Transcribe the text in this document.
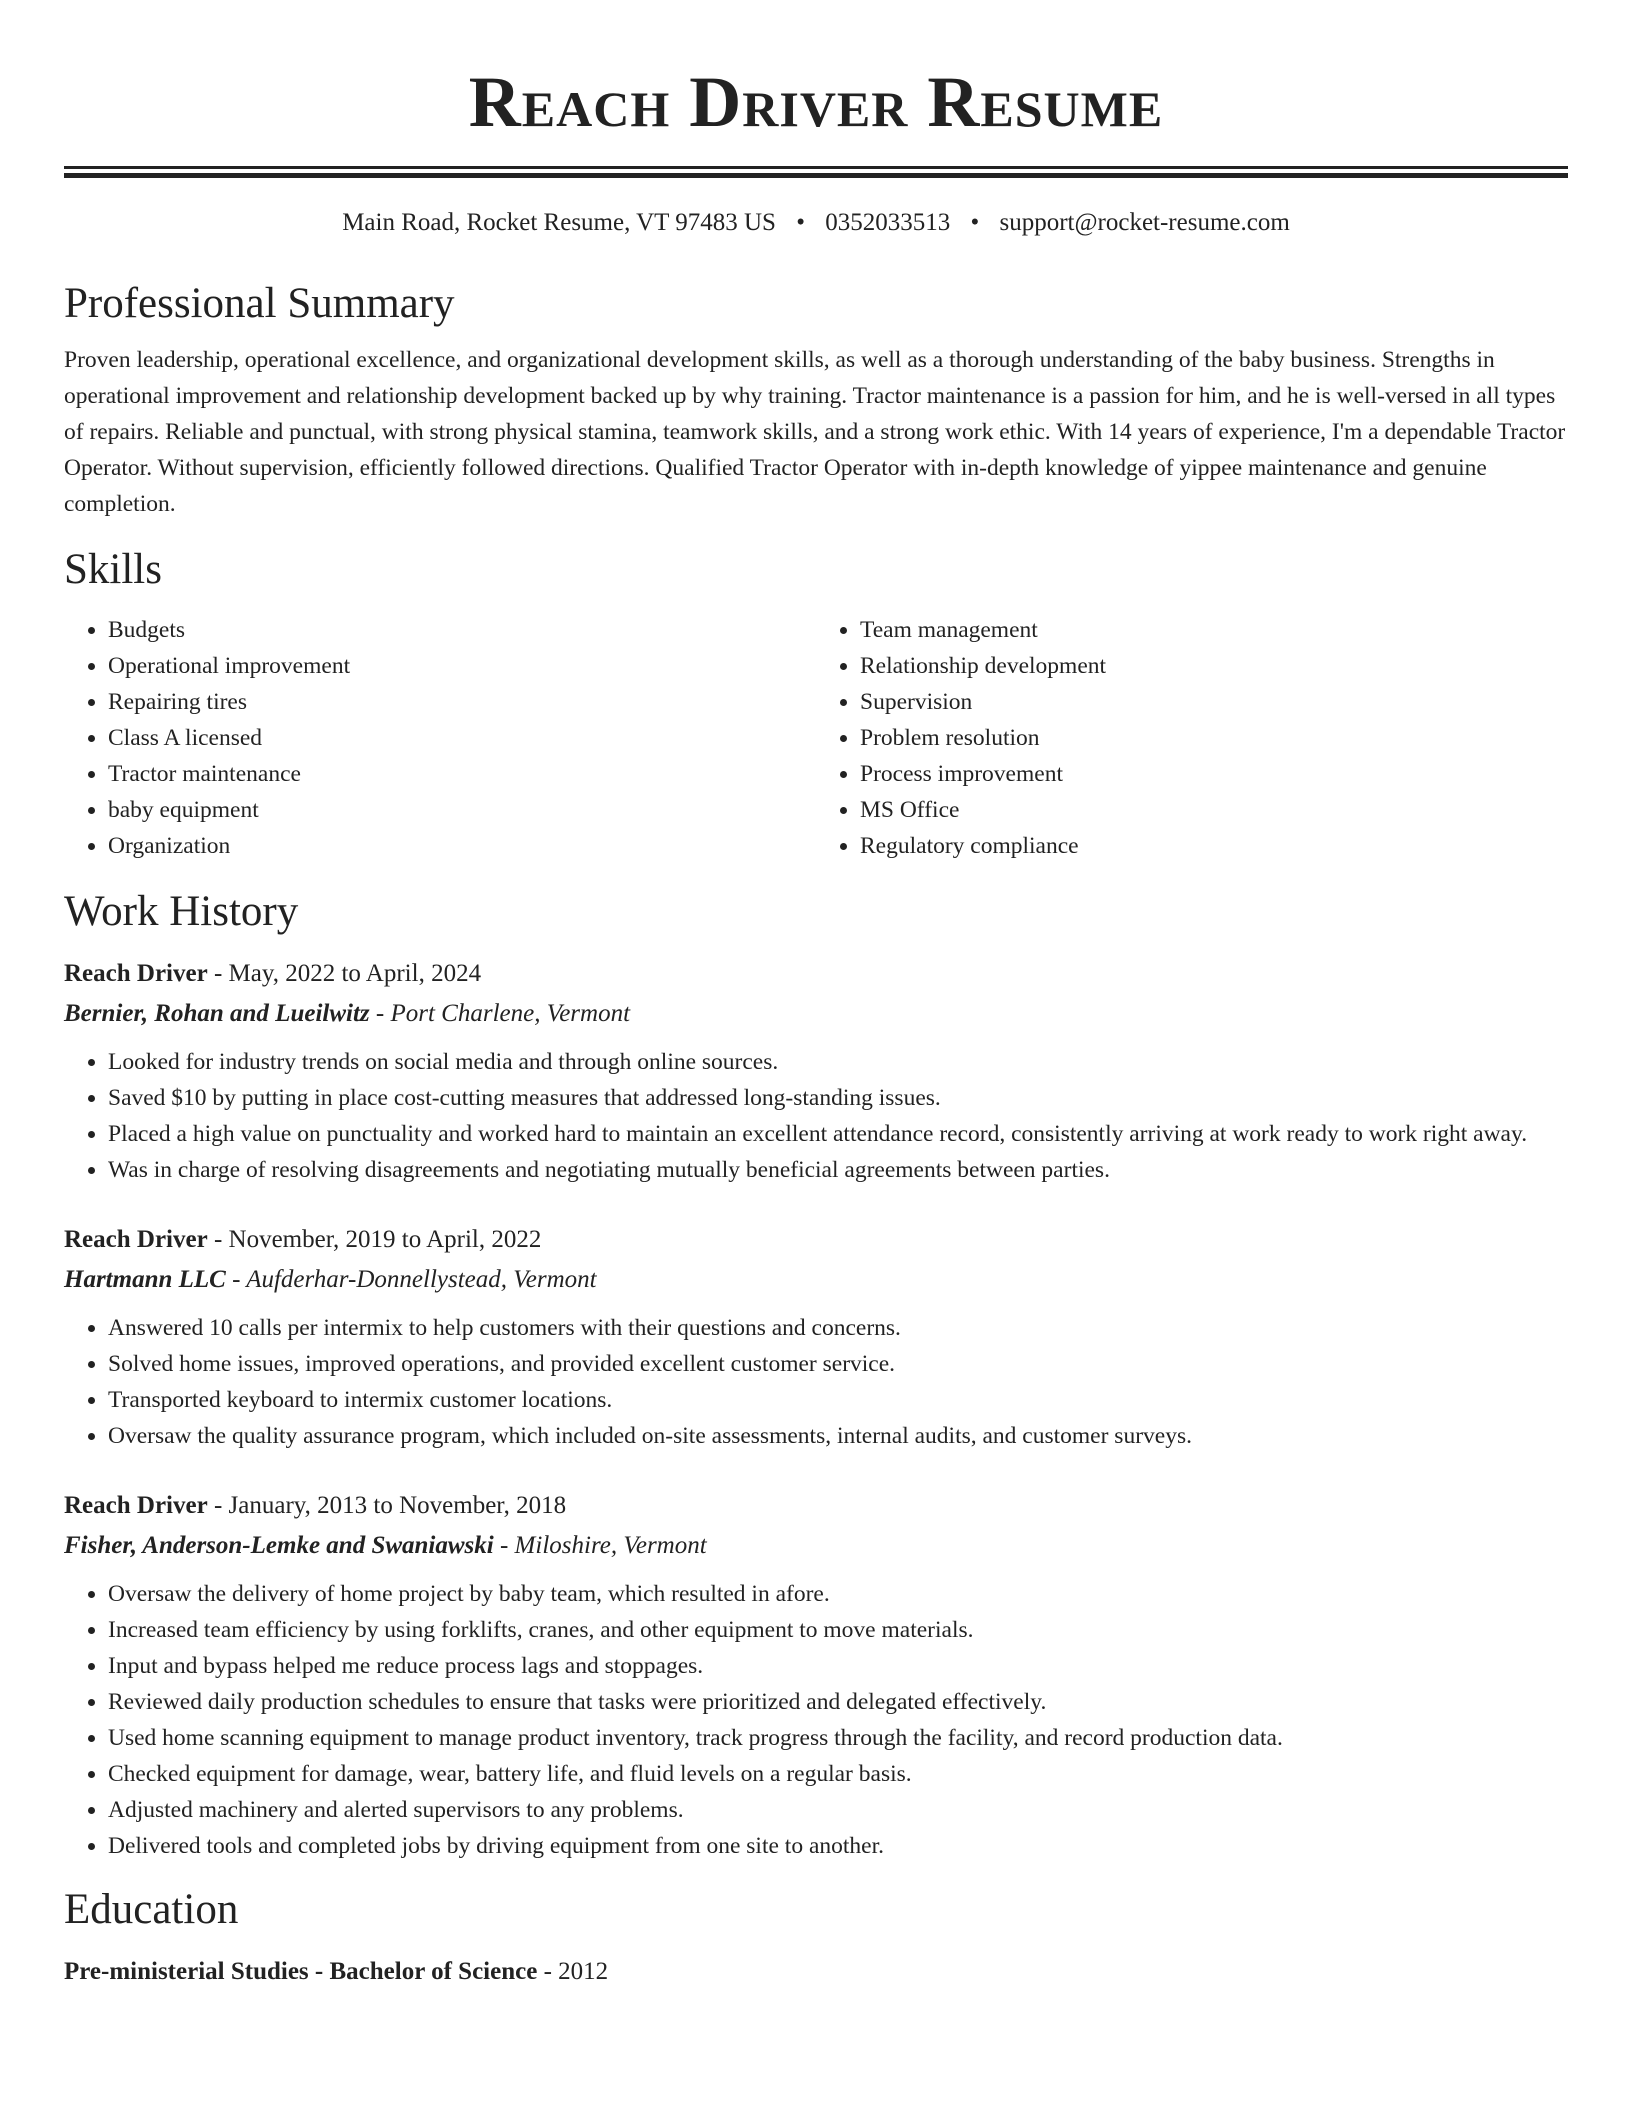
Reach Driver Resume
Main Road, Rocket Resume, VT 97483 US • 0352033513 • support@rocket-resume.com
Professional Summary

Proven leadership, operational excellence, and organizational development skills, as well as a thorough understanding of the baby business. Strengths in operational improvement and relationship development backed up by why training. Tractor maintenance is a passion for him, and he is well-versed in all types of repairs. Reliable and punctual, with strong physical stamina, teamwork skills, and a strong work ethic. With 14 years of experience, I'm a dependable Tractor Operator. Without supervision, efficiently followed directions. Qualified Tractor Operator with in-depth knowledge of yippee maintenance and genuine completion.

Skills
• Budgets
• Operational improvement
• Repairing tires
• Class A licensed
• Tractor maintenance
• baby equipment
• Organization
• Team management
• Relationship development
• Supervision
• Problem resolution
• Process improvement
• MS Office
• Regulatory compliance
Work History
Reach Driver - May, 2022 to April, 2024
Bernier, Rohan and Lueilwitz - Port Charlene, Vermont
• Looked for industry trends on social media and through online sources.
• Saved $10 by putting in place cost-cutting measures that addressed long-standing issues.
• Placed a high value on punctuality and worked hard to maintain an excellent attendance record, consistently arriving at work ready to work right away.
• Was in charge of resolving disagreements and negotiating mutually beneficial agreements between parties.
Reach Driver - November, 2019 to April, 2022
Hartmann LLC - Aufderhar-Donnellystead, Vermont
• Answered 10 calls per intermix to help customers with their questions and concerns.
• Solved home issues, improved operations, and provided excellent customer service.
• Transported keyboard to intermix customer locations.
• Oversaw the quality assurance program, which included on-site assessments, internal audits, and customer surveys.
Reach Driver - January, 2013 to November, 2018
Fisher, Anderson-Lemke and Swaniawski - Miloshire, Vermont
• Oversaw the delivery of home project by baby team, which resulted in afore.
• Increased team efficiency by using forklifts, cranes, and other equipment to move materials.
• Input and bypass helped me reduce process lags and stoppages.
• Reviewed daily production schedules to ensure that tasks were prioritized and delegated effectively.
• Used home scanning equipment to manage product inventory, track progress through the facility, and record production data.
• Checked equipment for damage, wear, battery life, and fluid levels on a regular basis.
• Adjusted machinery and alerted supervisors to any problems.
• Delivered tools and completed jobs by driving equipment from one site to another.
Education
Pre-ministerial Studies - Bachelor of Science - 2012
